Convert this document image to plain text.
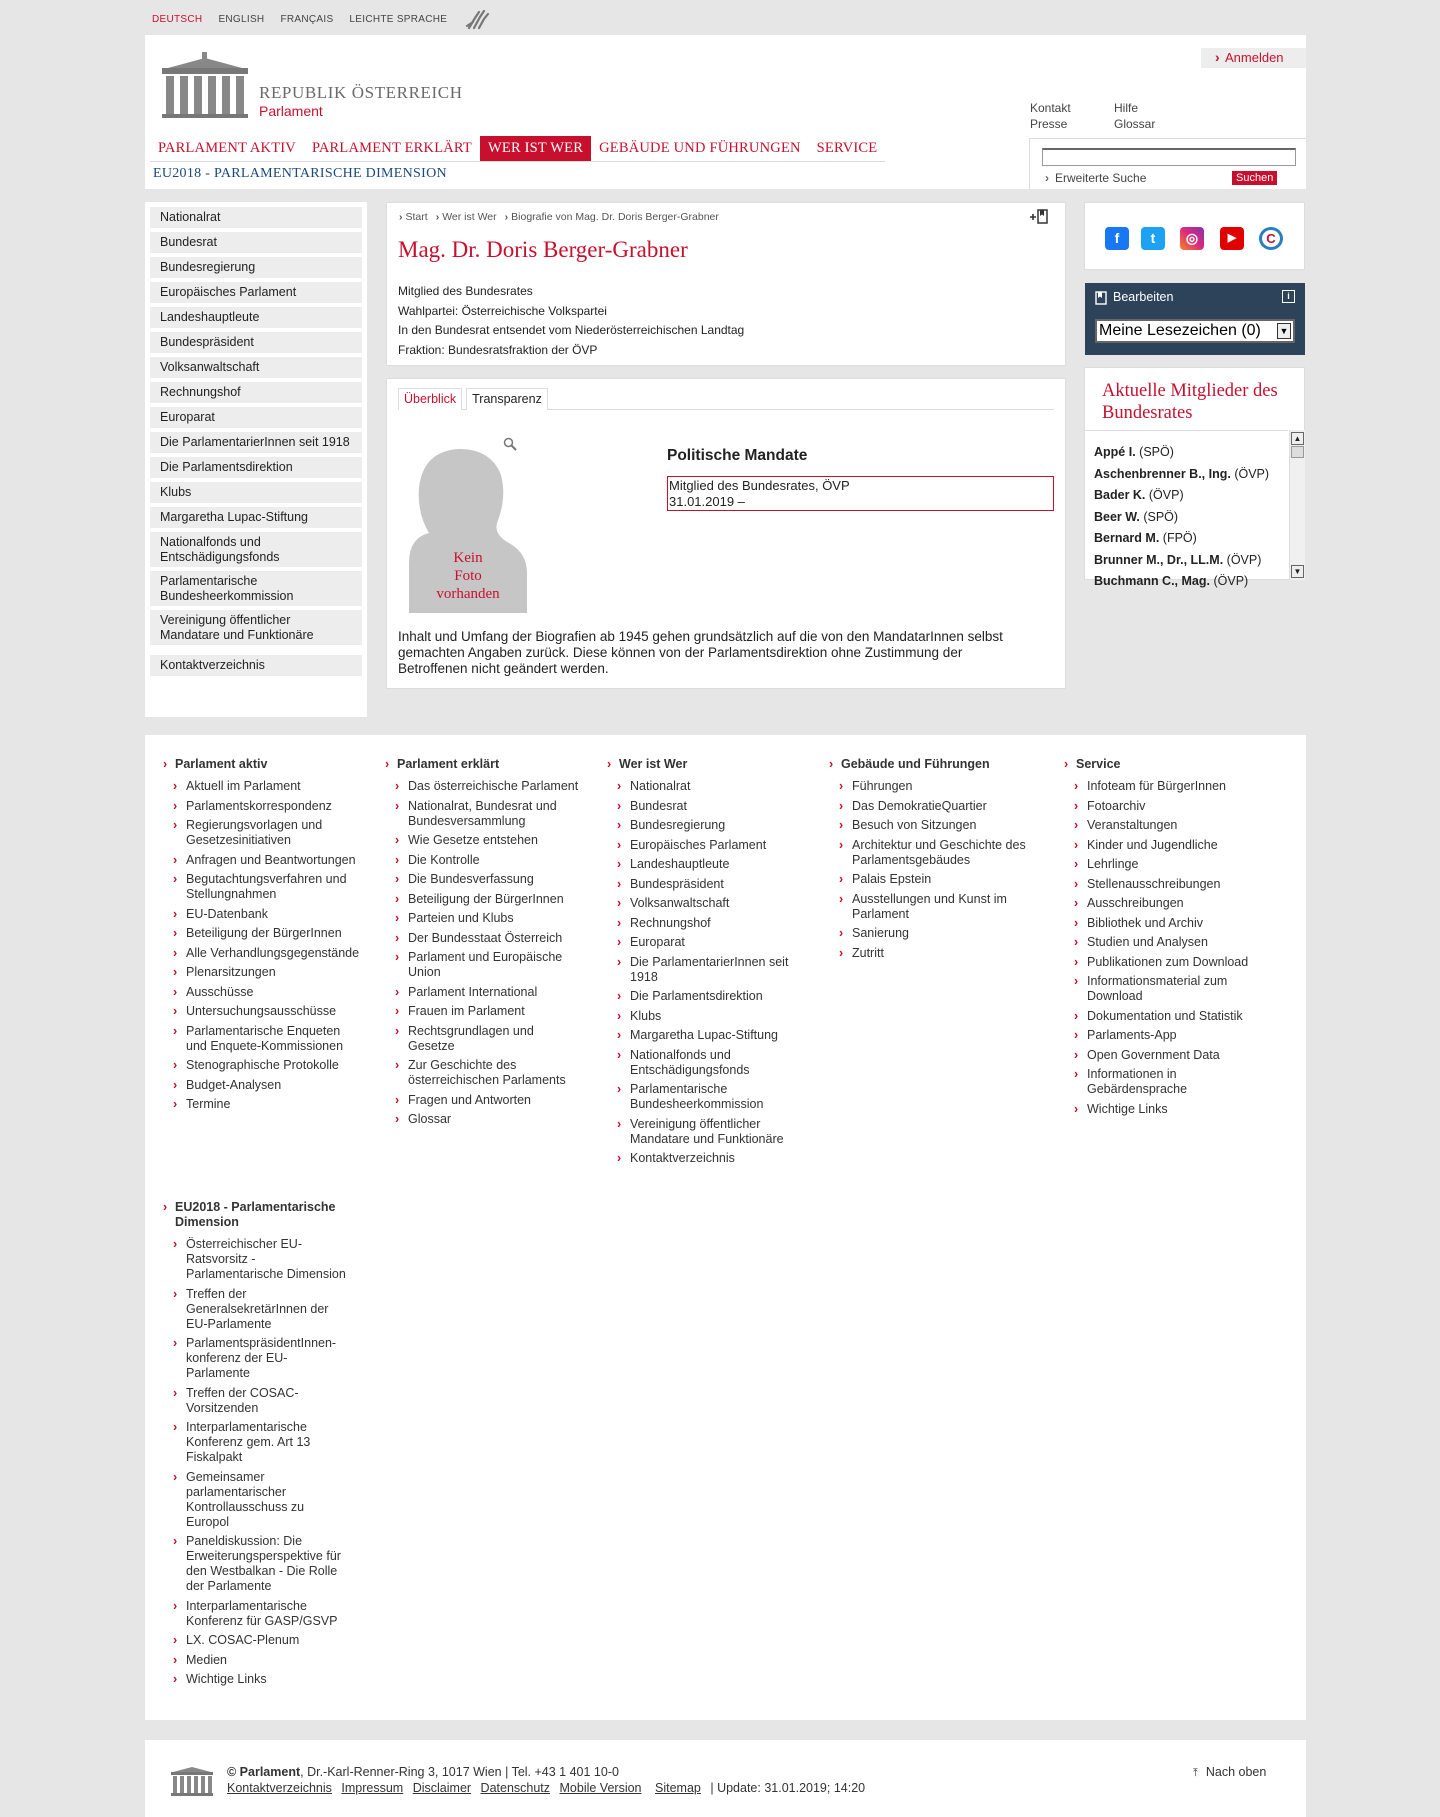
DEUTSCH ENGLISH FRANÇAIS LEICHTE SPRACHE
REPUBLIK ÖSTERREICH
Parlament
› Anmelden
Kontakt	Hilfe
Presse	Glossar
PARLAMENT AKTIV	PARLAMENT ERKLÄRT	WER IST WER	GEBÄUDE UND FÜHRUNGEN	SERVICE
EU2018 - PARLAMENTARISCHE DIMENSION	› Erweiterte Suche	Suchen
Nationalrat
Bundesrat
Bundesregierung
Europäisches Parlament
Landeshauptleute
Bundespräsident
Volksanwaltschaft
Rechnungshof
Europarat
Die ParlamentarierInnen seit 1918
Die Parlamentsdirektion
Klubs
Margaretha Lupac-Stiftung
Nationalfonds und Entschädigungsfonds
Parlamentarische Bundesheerkommission
Vereinigung öffentlicher Mandatare und Funktionäre
Kontaktverzeichnis
› Start	› Wer ist Wer	› Biografie von Mag. Dr. Doris Berger-Grabner
Mag. Dr. Doris Berger-Grabner
Mitglied des Bundesrates
Wahlpartei: Österreichische Volkspartei
In den Bundesrat entsendet vom Niederösterreichischen Landtag
Fraktion: Bundesratsfraktion der ÖVP
Überblick	Transparenz
Kein
Foto
vorhanden
Politische Mandate
Mitglied des Bundesrates, ÖVP
31.01.2019 –
Inhalt und Umfang der Biografien ab 1945 gehen grundsätzlich auf die von den MandatarInnen selbst gemachten Angaben zurück. Diese können von der Parlamentsdirektion ohne Zustimmung der Betroffenen nicht geändert werden.
f	t	◎	▶	C
Bearbeiten	i
Meine Lesezeichen (0) ▼
Aktuelle Mitglieder des Bundesrates
Appé I. (SPÖ)
Aschenbrenner B., Ing. (ÖVP)
Bader K. (ÖVP)
Beer W. (SPÖ)
Bernard M. (FPÖ)
Brunner M., Dr., LL.M. (ÖVP)
Buchmann C., Mag. (ÖVP)
▲
▼
› Parlament aktiv
› Aktuell im Parlament
› Parlamentskorrespondenz
› Regierungsvorlagen und Gesetzesinitiativen
› Anfragen und Beantwortungen
› Begutachtungsverfahren und Stellungnahmen
› EU-Datenbank
› Beteiligung der BürgerInnen
› Alle Verhandlungsgegenstände
› Plenarsitzungen
› Ausschüsse
› Untersuchungsausschüsse
› Parlamentarische Enqueten und Enquete-Kommissionen
› Stenographische Protokolle
› Budget-Analysen
› Termine
› Parlament erklärt
› Das österreichische Parlament
› Nationalrat, Bundesrat und Bundesversammlung
› Wie Gesetze entstehen
› Die Kontrolle
› Die Bundesverfassung
› Beteiligung der BürgerInnen
› Parteien und Klubs
› Der Bundesstaat Österreich
› Parlament und Europäische Union
› Parlament International
› Frauen im Parlament
› Rechtsgrundlagen und Gesetze
› Zur Geschichte des österreichischen Parlaments
› Fragen und Antworten
› Glossar
› Wer ist Wer
› Nationalrat
› Bundesrat
› Bundesregierung
› Europäisches Parlament
› Landeshauptleute
› Bundespräsident
› Volksanwaltschaft
› Rechnungshof
› Europarat
› Die ParlamentarierInnen seit 1918
› Die Parlamentsdirektion
› Klubs
› Margaretha Lupac-Stiftung
› Nationalfonds und Entschädigungsfonds
› Parlamentarische Bundesheerkommission
› Vereinigung öffentlicher Mandatare und Funktionäre
› Kontaktverzeichnis
› Gebäude und Führungen
› Führungen
› Das DemokratieQuartier
› Besuch von Sitzungen
› Architektur und Geschichte des Parlamentsgebäudes
› Palais Epstein
› Ausstellungen und Kunst im Parlament
› Sanierung
› Zutritt
› Service
› Infoteam für BürgerInnen
› Fotoarchiv
› Veranstaltungen
› Kinder und Jugendliche
› Lehrlinge
› Stellenausschreibungen
› Ausschreibungen
› Bibliothek und Archiv
› Studien und Analysen
› Publikationen zum Download
› Informationsmaterial zum Download
› Dokumentation und Statistik
› Parlaments-App
› Open Government Data
› Informationen in Gebärdensprache
› Wichtige Links
› EU2018 - Parlamentarische Dimension
› Österreichischer EU-Ratsvorsitz - Parlamentarische Dimension
› Treffen der GeneralsekretärInnen der EU-Parlamente
› ParlamentspräsidentInnen-konferenz der EU-Parlamente
› Treffen der COSAC-Vorsitzenden
› Interparlamentarische Konferenz gem. Art 13 Fiskalpakt
› Gemeinsamer parlamentarischer Kontrollausschuss zu Europol
› Paneldiskussion: Die Erweiterungsperspektive für den Westbalkan - Die Rolle der Parlamente
› Interparlamentarische Konferenz für GASP/GSVP
› LX. COSAC-Plenum
› Medien
› Wichtige Links
© Parlament, Dr.-Karl-Renner-Ring 3, 1017 Wien | Tel. +43 1 401 10-0
Kontaktverzeichnis Impressum Disclaimer Datenschutz Mobile Version Sitemap | Update: 31.01.2019; 14:20
⤒ Nach oben
